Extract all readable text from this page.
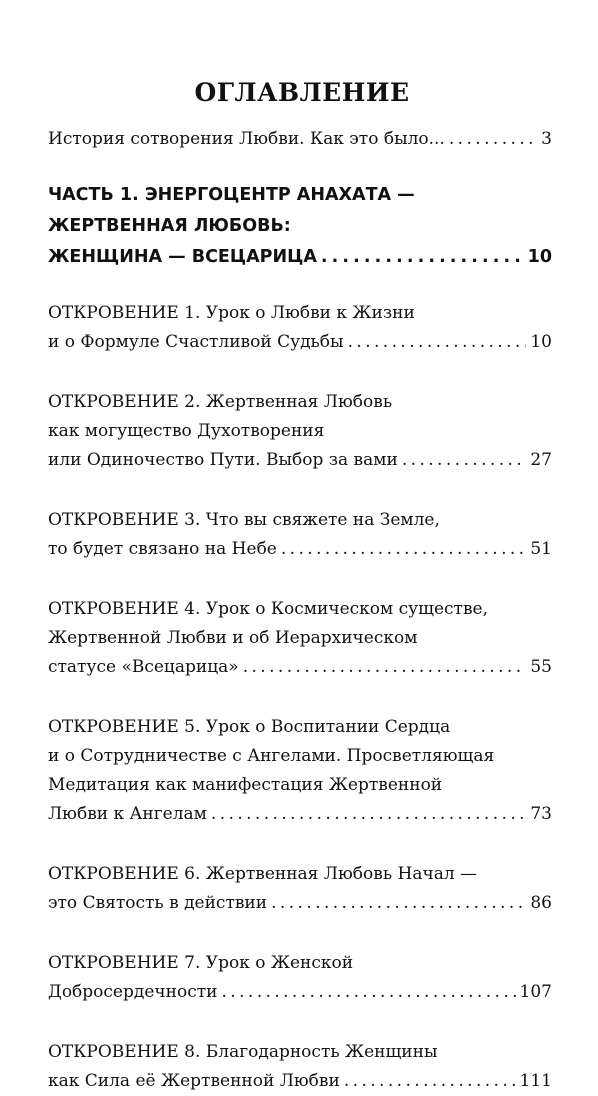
ОГЛАВЛЕНИЕ
История сотворения Любви. Как это было... . . .	3
ЧАСТЬ 1. ЭНЕРГОЦЕНТР АНАХАТА —
ЖЕРТВЕННАЯ ЛЮБОВЬ:
ЖЕНЩИНА — ВСЕЦАРИЦА . . .	10
ОТКРОВЕНИЕ 1. Урок о Любви к Жизни
и о Формуле Счастливой Судьбы . . .	10
ОТКРОВЕНИЕ 2. Жертвенная Любовь
как могущество Духотворения
или Одиночество Пути. Выбор за вами . . .	27
ОТКРОВЕНИЕ 3. Что вы свяжете на Земле,
то будет связано на Небе . . .	51
ОТКРОВЕНИЕ 4. Урок о Космическом существе,
Жертвенной Любви и об Иерархическом
статусе «Всецарица» . . .	55
ОТКРОВЕНИЕ 5. Урок о Воспитании Сердца
и о Сотрудничестве с Ангелами. Просветляющая
Медитация как манифестация Жертвенной
Любви к Ангелам . . .	73
ОТКРОВЕНИЕ 6. Жертвенная Любовь Начал —
это Святость в действии . . .	86
ОТКРОВЕНИЕ 7. Урок о Женской
Добросердечности . . .	107
ОТКРОВЕНИЕ 8. Благодарность Женщины
как Сила её Жертвенной Любви . . .	111
